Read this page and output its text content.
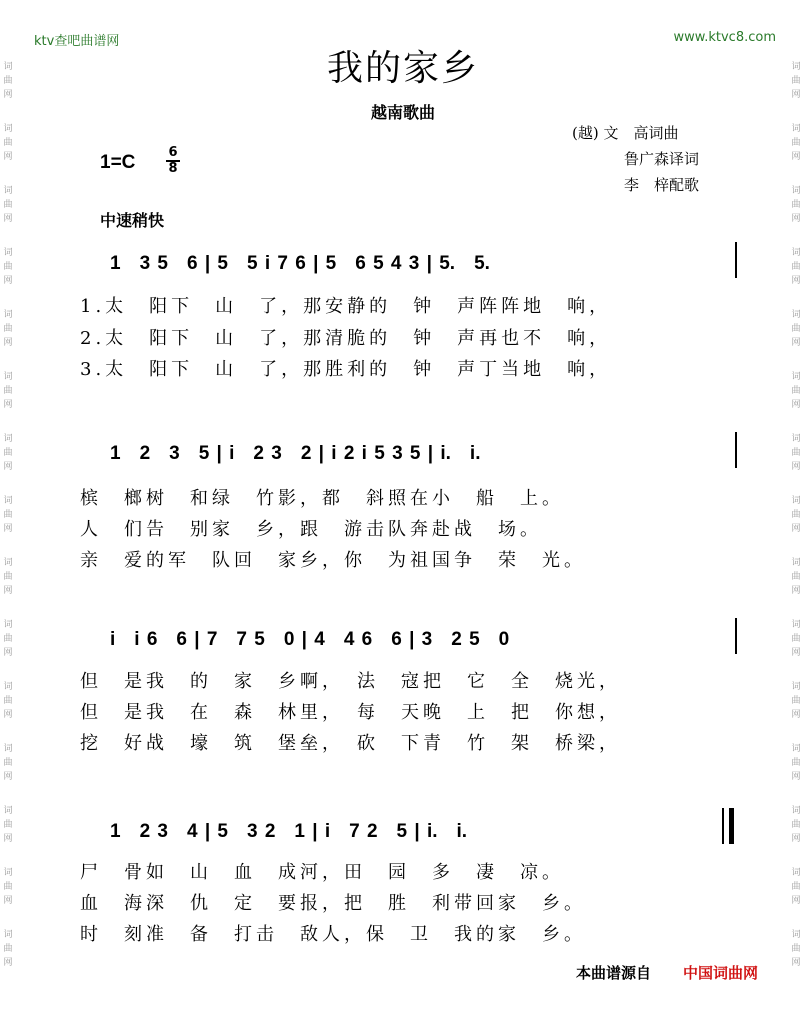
词
曲
网
词
曲
网
词
曲
网
词
曲
网
词
曲
网
词
曲
网
词
曲
网
词
曲
网
词
曲
网
词
曲
网
词
曲
网
词
曲
网
词
曲
网
词
曲
网
词
曲
网
词
曲
网
词
曲
网
词
曲
网
词
曲
网
词
曲
网
词
曲
网
词
曲
网
词
曲
网
词
曲
网
词
曲
网
词
曲
网
词
曲
网
词
曲
网
词
曲
网
词
曲
网
ktv查吧曲谱网	www.ktvc8.com
我的家乡
越南歌曲
(越) 文　高词曲
鲁广森译词
李　梓配歌
1=C	6
8
中速稍快
1　3 5　6 | 5　5 i 7 6 | 5　6 5 4 3 | 5.　5.
1.太　阳下　山　了，那安静的　钟　声阵阵地　响，
2.太　阳下　山　了，那清脆的　钟　声再也不　响，
3.太　阳下　山　了，那胜利的　钟　声丁当地　响，
1　2　3　5 | i　2 3　2 | i 2 i 5 3 5 | i.　i.
槟　榔树　和绿　竹影，都　斜照在小　船　上。
人　们告　别家　乡，跟　游击队奔赴战　场。
亲　爱的军　队回　家乡，你　为祖国争　荣　光。
i　i 6　6 | 7　7 5　0 | 4　4 6　6 | 3　2 5　0
但　是我　的　家　乡啊，　法　寇把　它　全　烧光，
但　是我　在　森　林里，　每　天晚　上　把　你想，
挖　好战　壕　筑　堡垒，　砍　下青　竹　架　桥梁，
1　2 3　4 | 5　3 2　1 | i　7 2　5 | i.　i.
尸　骨如　山　血　成河，田　园　多　凄　凉。
血　海深　仇　定　要报，把　胜　利带回家　乡。
时　刻准　备　打击　敌人，保　卫　我的家　乡。
本曲谱源自 中国词曲网
